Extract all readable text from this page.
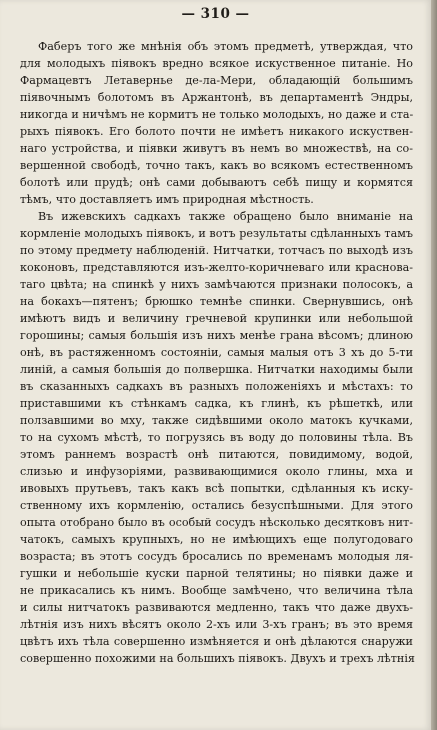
— 310 —
Фаберъ того же мнѣнія объ этомъ предметѣ, утверждая, что
для молодыхъ піявокъ вредно всякое искуственное питаніе. Но
Фармацевтъ Летавернье де-ла-Мери, обладающій большимъ
піявочнымъ болотомъ въ Аржантонѣ, въ департаментѣ Эндры,
никогда и ничѣмъ не кормитъ не только молодыхъ, но даже и ста-
рыхъ піявокъ. Его болото почти не имѣетъ никакого искуствен-
наго устройства, и піявки живутъ въ немъ во множествѣ, на со-
вершенной свободѣ, точно такъ, какъ во всякомъ естественномъ
болотѣ или прудѣ; онѣ сами добываютъ себѣ пищу и кормятся
тѣмъ, что доставляетъ имъ природная мѣстность.
Въ ижевскихъ садкахъ также обращено было вниманіе на
кормленіе молодыхъ піявокъ, и вотъ результаты сдѣланныхъ тамъ
по этому предмету наблюденій. Нитчатки, тотчасъ по выходѣ изъ
коконовъ, представляются изъ-желто-коричневаго или краснова-
таго цвѣта; на спинкѣ у нихъ замѣчаются признаки полосокъ, а
на бокахъ—пятенъ; брюшко темнѣе спинки. Свернувшись, онѣ
имѣютъ видъ и величину гречневой крупинки или небольшой
горошины; самыя большія изъ нихъ менѣе грана вѣсомъ; длиною
онѣ, въ растяженномъ состояніи, самыя малыя отъ 3 хъ до 5-ти
линій, а самыя большія до полвершка. Нитчатки находимы были
въ сказанныхъ садкахъ въ разныхъ положеніяхъ и мѣстахъ: то
приставшими къ стѣнкамъ садка, къ глинѣ, къ рѣшеткѣ, или
ползавшими во мху, также сидѣвшими около матокъ кучками,
то на сухомъ мѣстѣ, то погрузясь въ воду до половины тѣла. Въ
этомъ раннемъ возрастѣ онѣ питаются, повидимому, водой,
слизью и инфузоріями, развивающимися около глины, мха и
ивовыхъ прутьевъ, такъ какъ всѣ попытки, сдѣланныя къ иску-
ственному ихъ кормленію, остались безуспѣшными. Для этого
опыта отобрано было въ особый сосудъ нѣсколько десятковъ нит-
чатокъ, самыхъ крупныхъ, но не имѣющихъ еще полугодоваго
возраста; въ этотъ сосудъ бросались по временамъ молодыя ля-
гушки и небольшіе куски парной телятины; но піявки даже и
не прикасались къ нимъ. Вообще замѣчено, что величина тѣла
и силы нитчатокъ развиваются медленно, такъ что даже двухъ-
лѣтнія изъ нихъ вѣсятъ около 2-хъ или 3-хъ гранъ; въ это время
цвѣтъ ихъ тѣла совершенно измѣняется и онѣ дѣлаются снаружи
совершенно похожими на большихъ піявокъ. Двухъ и трехъ лѣтнія
